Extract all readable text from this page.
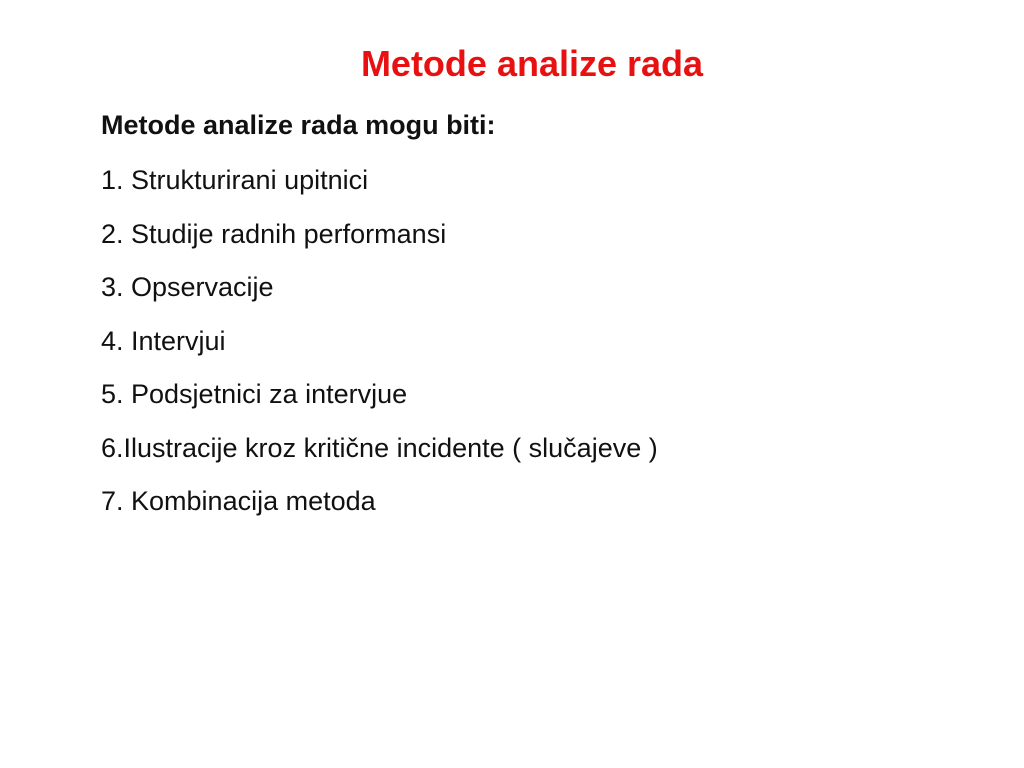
Metode analize rada
Metode analize rada mogu biti:
1. Strukturirani upitnici
2. Studije radnih performansi
3. Opservacije
4. Intervjui
5. Podsjetnici za intervjue
6.Ilustracije kroz kritične incidente ( slučajeve )
7. Kombinacija metoda
